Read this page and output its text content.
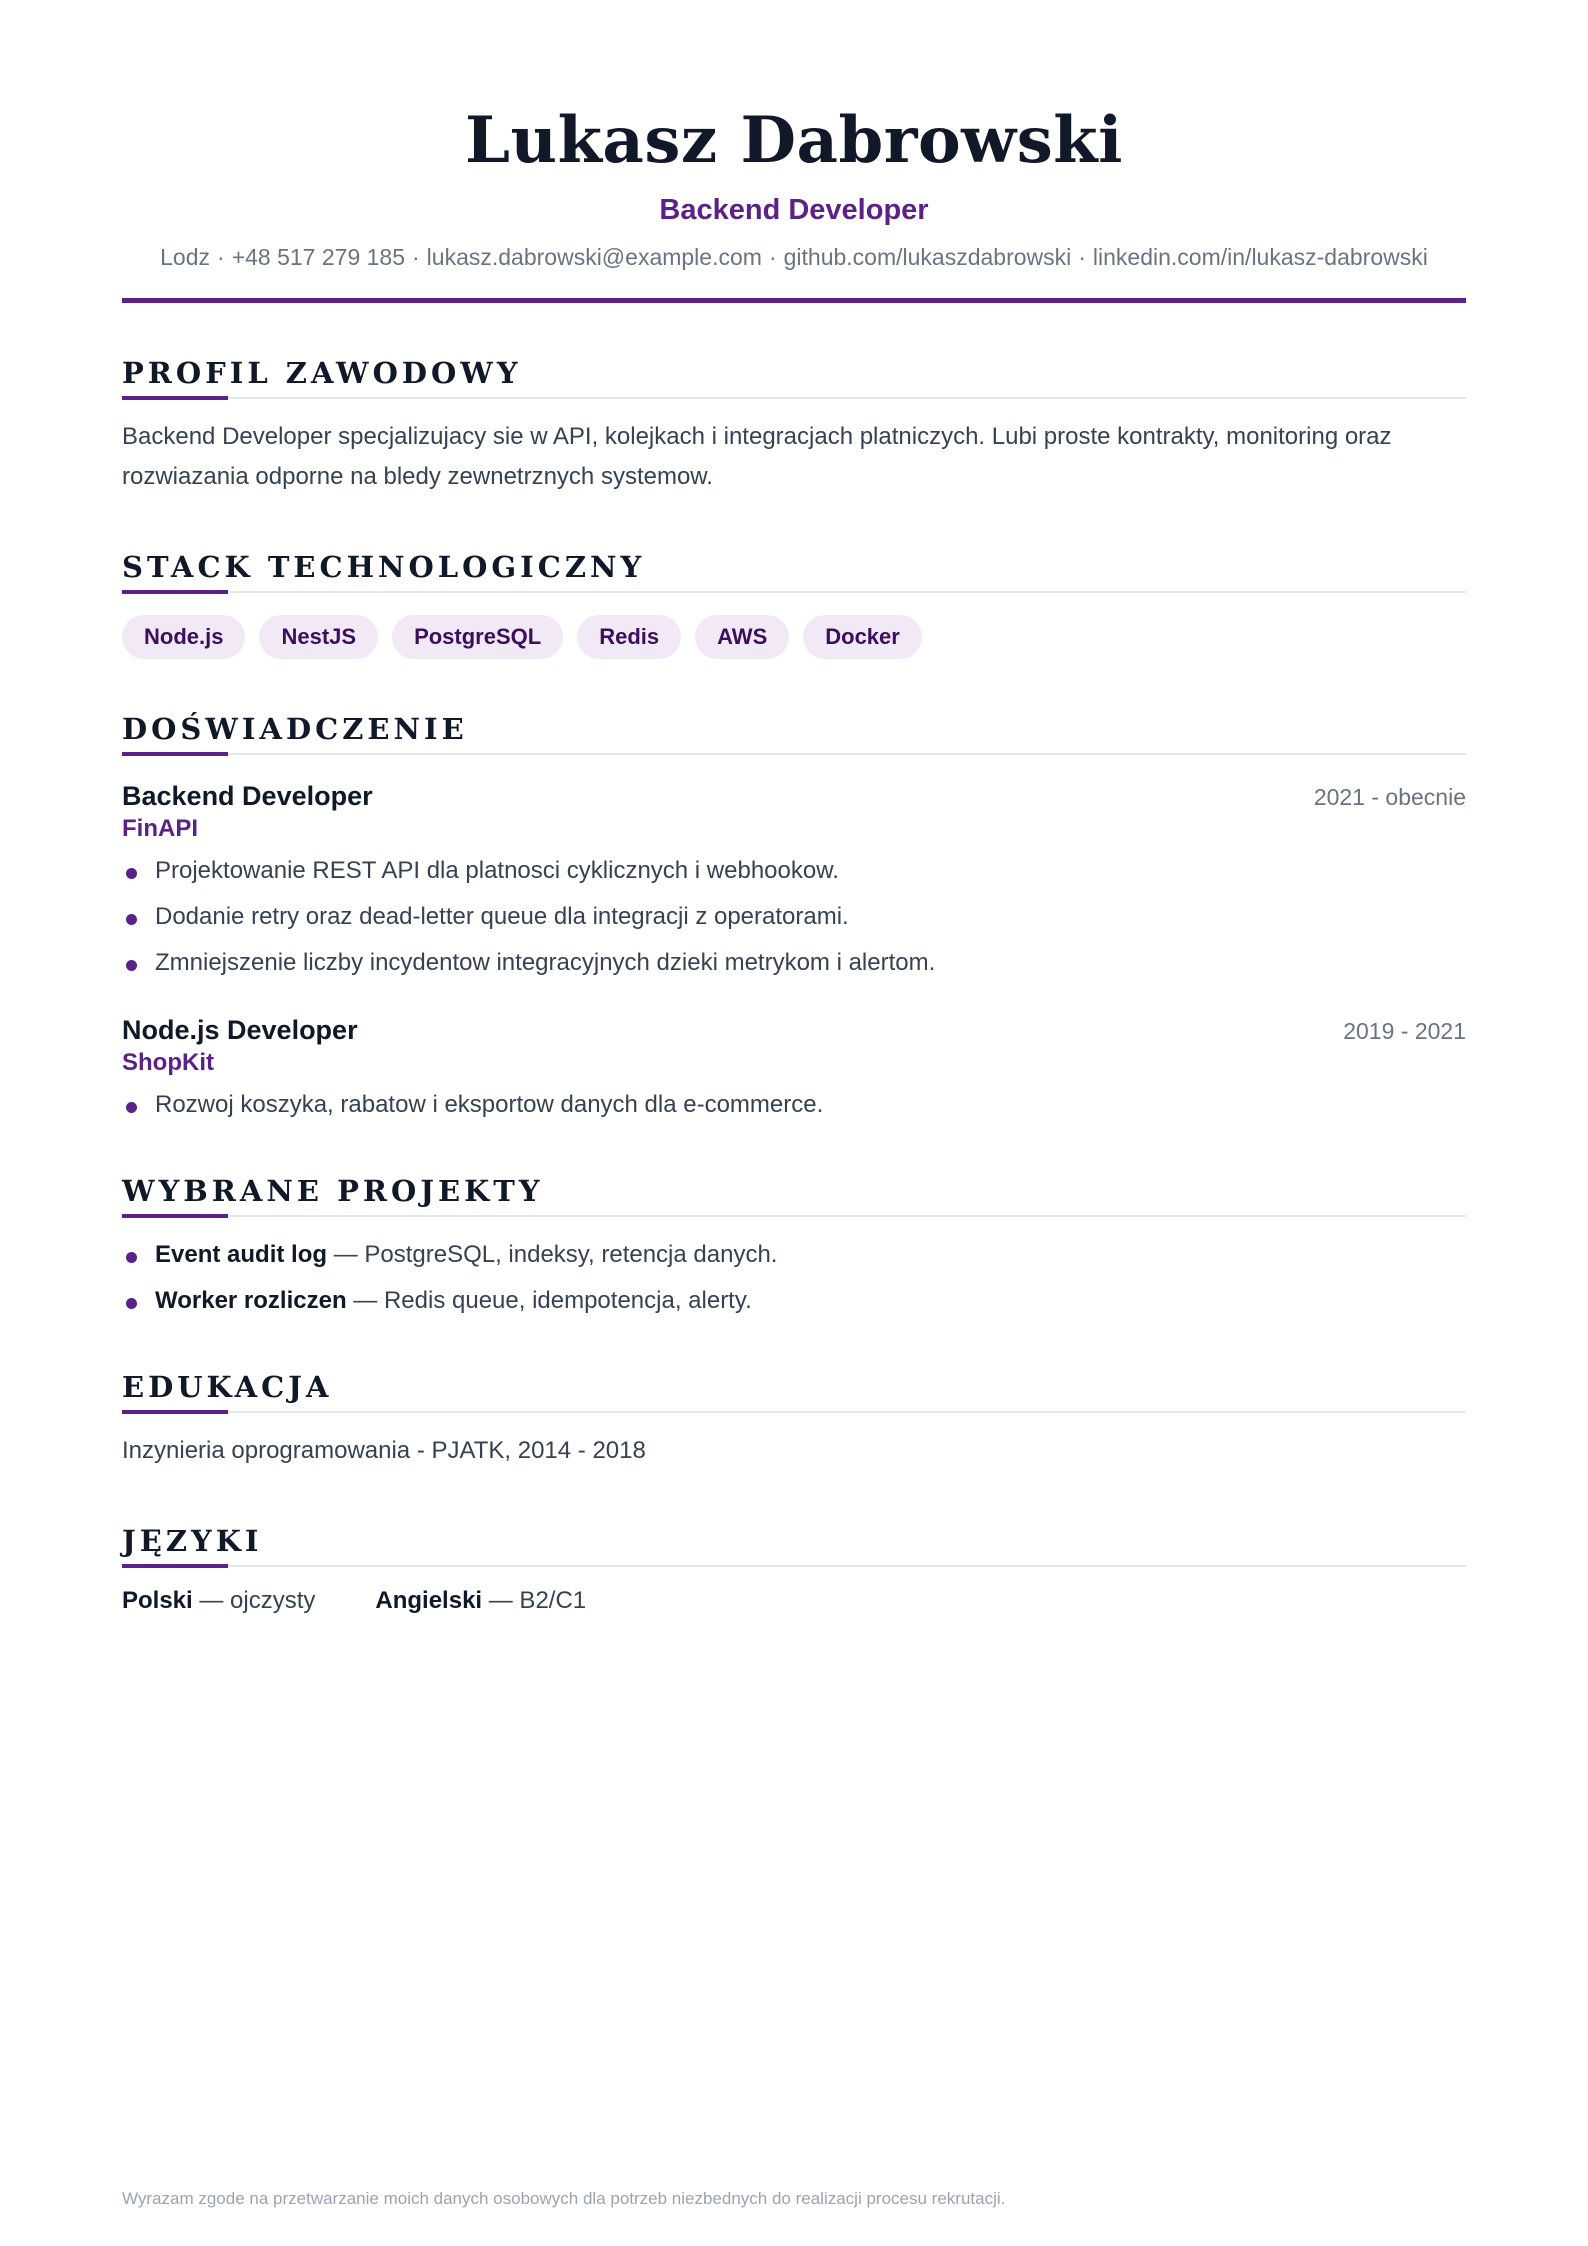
Lukasz Dabrowski
Backend Developer
Lodz · +48 517 279 185 · lukasz.dabrowski@example.com · github.com/lukaszdabrowski · linkedin.com/in/lukasz-dabrowski
PROFIL ZAWODOWY

Backend Developer specjalizujacy sie w API, kolejkach i integracjach platniczych. Lubi proste kontrakty, monitoring oraz rozwiazania odporne na bledy zewnetrznych systemow.

STACK TECHNOLOGICZNY
Node.js	NestJS	PostgreSQL	Redis	AWS	Docker
DOŚWIADCZENIE
Backend Developer	2021 - obecnie
FinAPI
Projektowanie REST API dla platnosci cyklicznych i webhookow.
Dodanie retry oraz dead-letter queue dla integracji z operatorami.
Zmniejszenie liczby incydentow integracyjnych dzieki metrykom i alertom.
Node.js Developer	2019 - 2021
ShopKit
Rozwoj koszyka, rabatow i eksportow danych dla e-commerce.
WYBRANE PROJEKTY
Event audit log — PostgreSQL, indeksy, retencja danych.
Worker rozliczen — Redis queue, idempotencja, alerty.
EDUKACJA

Inzynieria oprogramowania - PJATK, 2014 - 2018

JĘZYKI
Polski — ojczysty	Angielski — B2/C1
Wyrazam zgode na przetwarzanie moich danych osobowych dla potrzeb niezbednych do realizacji procesu rekrutacji.
